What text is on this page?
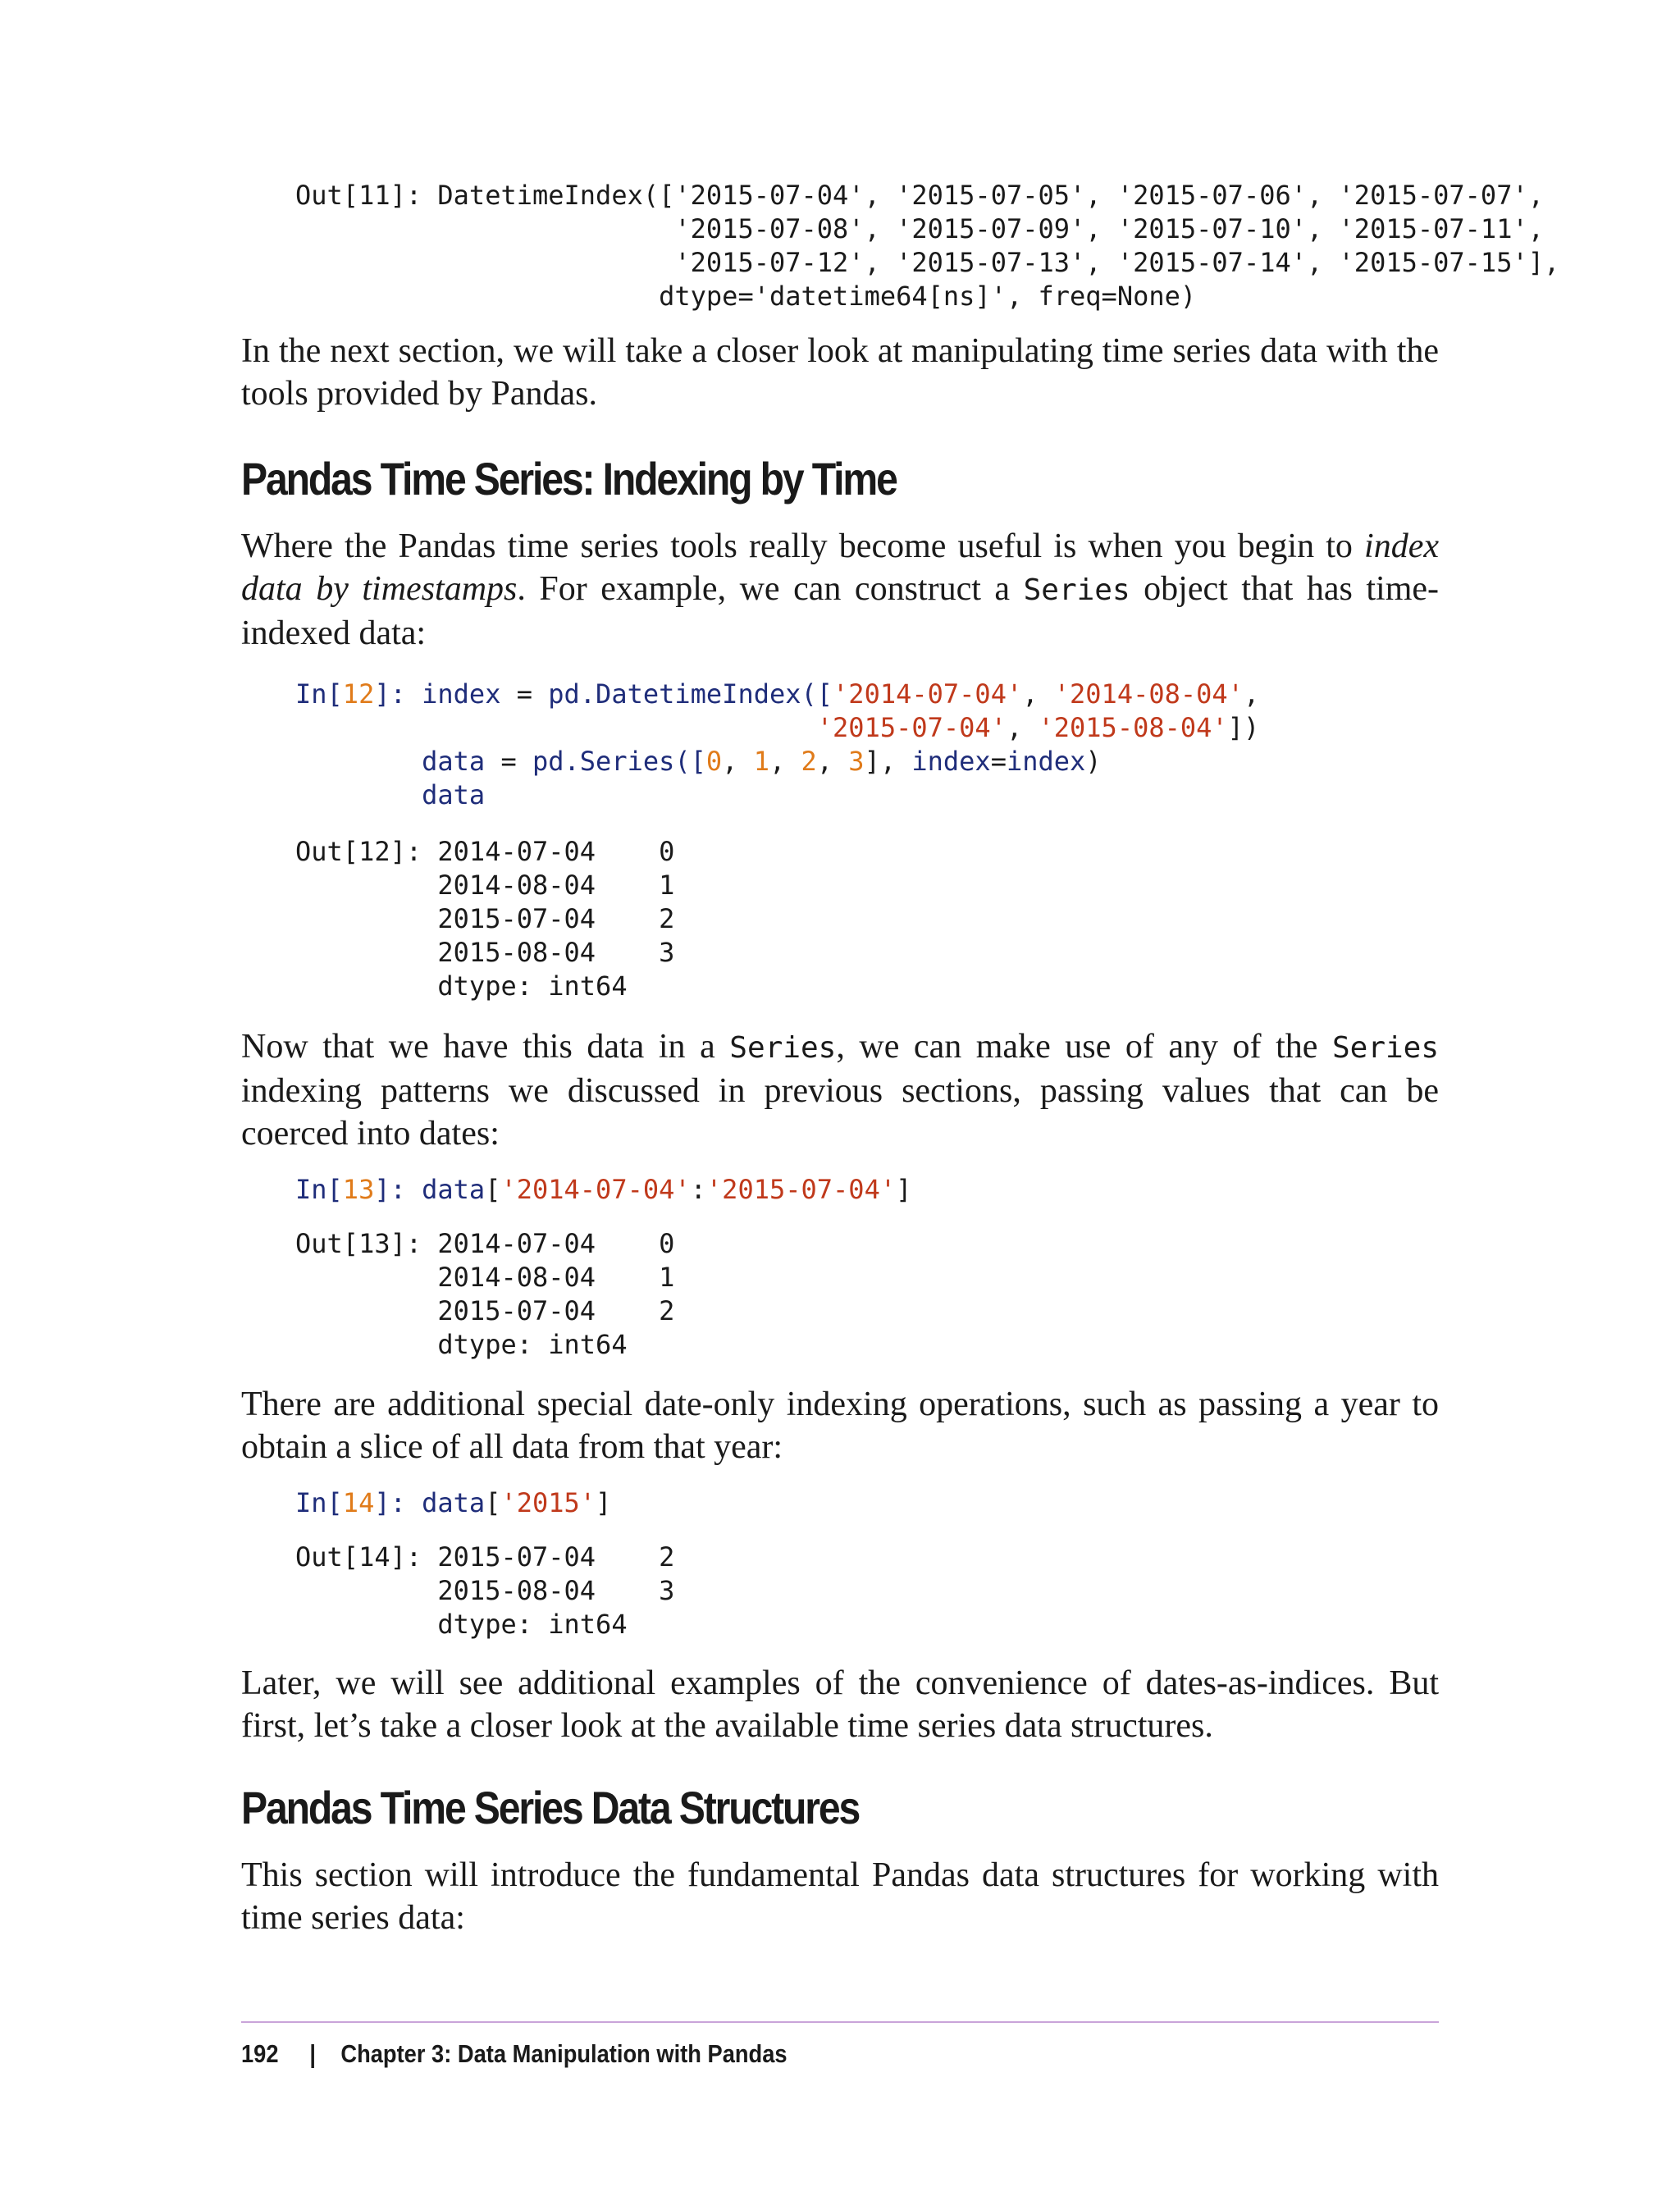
Out[11]: DatetimeIndex(['2015-07-04', '2015-07-05', '2015-07-06', '2015-07-07',
'2015-07-08', '2015-07-09', '2015-07-10', '2015-07-11',
'2015-07-12', '2015-07-13', '2015-07-14', '2015-07-15'],
dtype='datetime64[ns]', freq=None)

In the next section, we will take a closer look at manipulating time series data with the tools provided by Pandas.

Pandas Time Series: Indexing by Time

Where the Pandas time series tools really become useful is when you begin to index data by timestamps. For example, we can construct a Series object that has time-indexed data:

In[12]: index = pd.DatetimeIndex(['2014-07-04', '2014-08-04',
'2015-07-04', '2015-08-04'])
data = pd.Series([0, 1, 2, 3], index=index)
data
Out[12]: 2014-07-04    0
2014-08-04    1
2015-07-04    2
2015-08-04    3
dtype: int64

Now that we have this data in a Series, we can make use of any of the Series indexing patterns we discussed in previous sections, passing values that can be coerced into dates:

In[13]: data['2014-07-04':'2015-07-04']
Out[13]: 2014-07-04    0
2014-08-04    1
2015-07-04    2
dtype: int64

There are additional special date-only indexing operations, such as passing a year to obtain a slice of all data from that year:

In[14]: data['2015']
Out[14]: 2015-07-04    2
2015-08-04    3
dtype: int64

Later, we will see additional examples of the convenience of dates-as-indices. But first, let’s take a closer look at the available time series data structures.

Pandas Time Series Data Structures

This section will introduce the fundamental Pandas data structures for working with time series data:

192 | Chapter 3: Data Manipulation with Pandas
